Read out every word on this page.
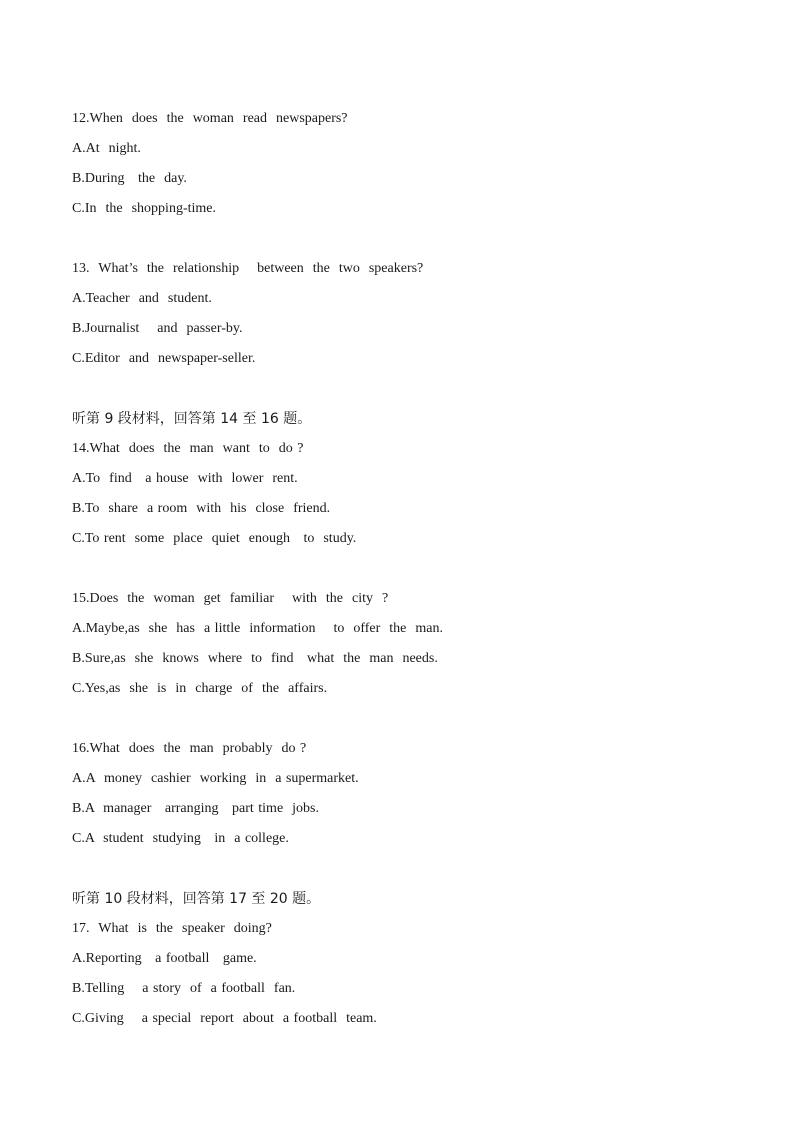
12.When  does  the  woman  read  newspapers?
A.At  night.
B.During   the  day.
C.In  the  shopping-time.
13.  What’s  the  relationship    between  the  two  speakers?
A.Teacher  and  student.
B.Journalist    and  passer-by.
C.Editor  and  newspaper-seller.
听第 9 段材料，回答第 14 至 16 题。
14.What  does  the  man  want  to  do ?
A.To  find   a house  with  lower  rent.
B.To  share  a room  with  his  close  friend.
C.To rent  some  place  quiet  enough   to  study.
15.Does  the  woman  get  familiar    with  the  city  ?
A.Maybe,as  she  has  a little  information    to  offer  the  man.
B.Sure,as  she  knows  where  to  find   what  the  man  needs.
C.Yes,as  she  is  in  charge  of  the  affairs.
16.What  does  the  man  probably  do ?
A.A  money  cashier  working  in  a supermarket.
B.A  manager   arranging   part time  jobs.
C.A  student  studying   in  a college.
听第 10 段材料，回答第 17 至 20 题。
17.  What  is  the  speaker  doing?
A.Reporting   a football   game.
B.Telling    a story  of  a football  fan.
C.Giving    a special  report  about  a football  team.
